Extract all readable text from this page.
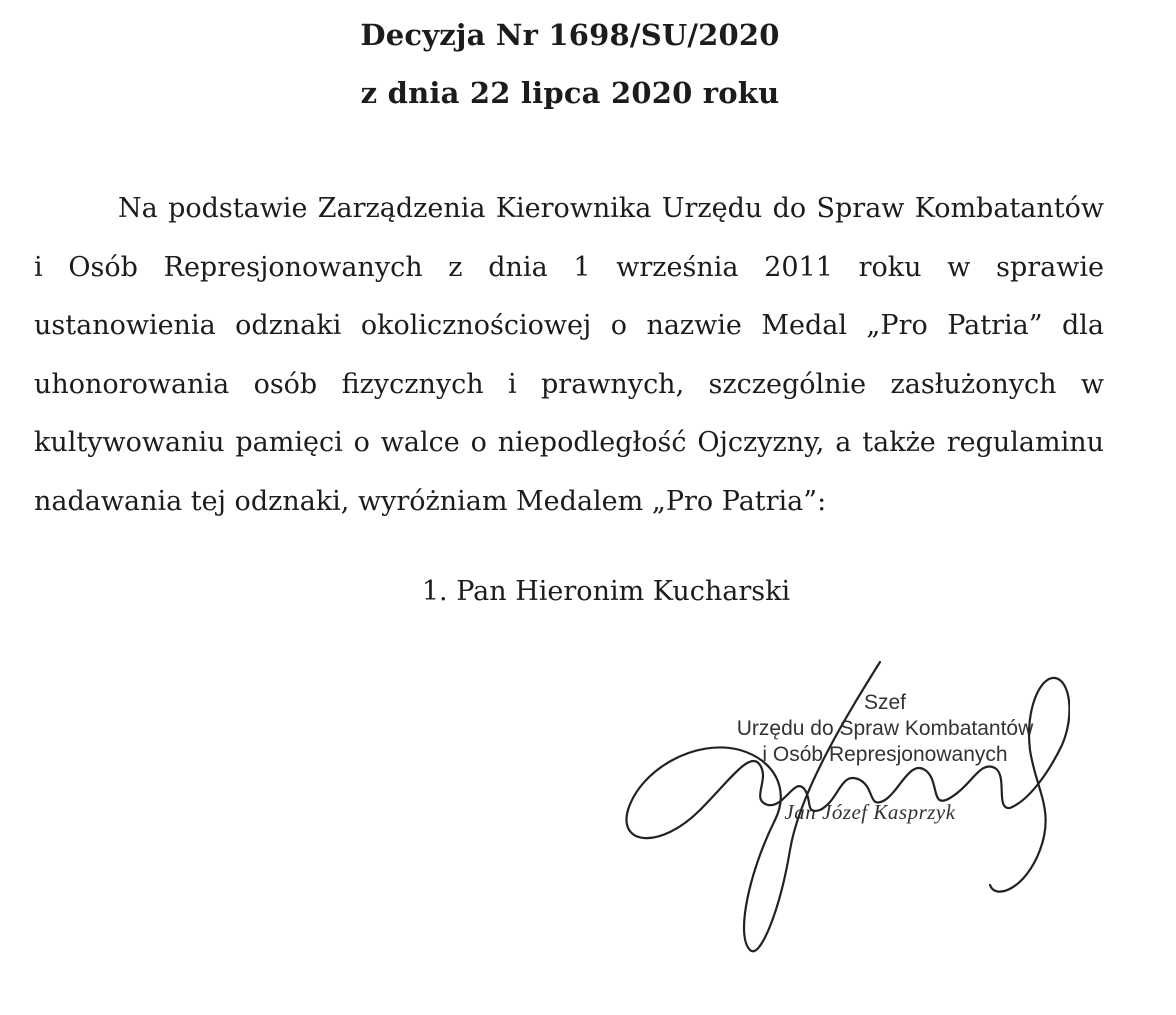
Decyzja Nr 1698/SU/2020
z dnia 22 lipca 2020 roku

Na podstawie Zarządzenia Kierownika Urzędu do Spraw Kombatantów i Osób Represjonowanych z dnia 1 września 2011 roku w sprawie ustanowienia odznaki okolicznościowej o nazwie Medal „Pro Patria” dla uhonorowania osób fizycznych i prawnych, szczególnie zasłużonych w kultywowaniu pamięci o walce o niepodległość Ojczyzny, a także regulaminu nadawania tej odznaki, wyróżniam Medalem „Pro Patria”:

1. Pan Hieronim Kucharski
Szef
Urzędu do Spraw Kombatantów
i Osób Represjonowanych
Jan Józef Kasprzyk
